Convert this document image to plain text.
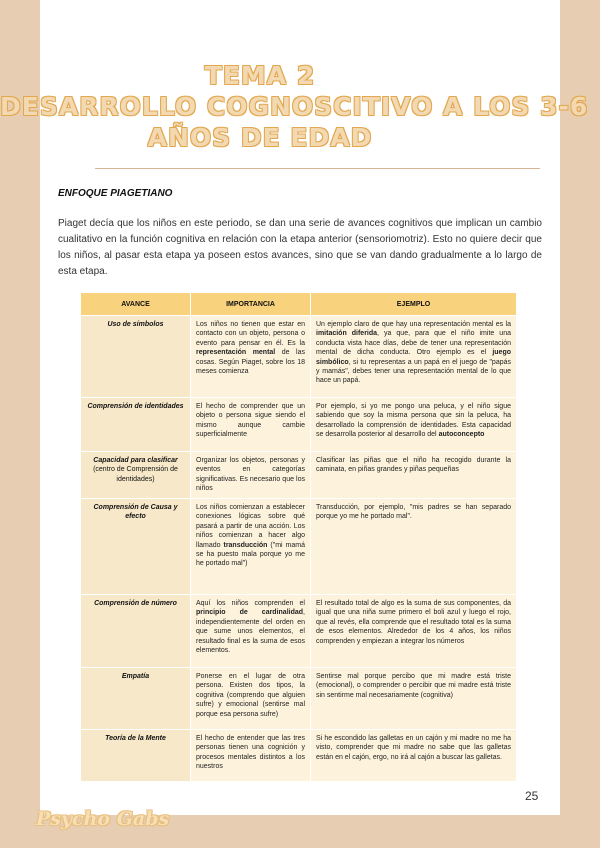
TEMA 2
DESARROLLO COGNOSCITIVO A LOS 3-6
AÑOS DE EDAD
ENFOQUE PIAGETIANO
Piaget decía que los niños en este periodo, se dan una serie de avances cognitivos que implican un cambio cualitativo en la función cognitiva en relación con la etapa anterior (sensoriomotriz). Esto no quiere decir que los niños, al pasar esta etapa ya poseen estos avances, sino que se van dando gradualmente a lo largo de esta etapa.
AVANCE	IMPORTANCIA	EJEMPLO
Uso de símbolos	Los niños no tienen que estar en contacto con un objeto, persona o evento para pensar en él. Es la representación mental de las cosas. Según Piaget, sobre los 18 meses comienza	Un ejemplo claro de que hay una representación mental es la imitación diferida, ya que, para que el niño imite una conducta vista hace días, debe de tener una representación mental de dicha conducta. Otro ejemplo es el juego simbólico, si tu representas a un papá en el juego de "papás y mamás", debes tener una representación mental de lo que hace un papá.
Comprensión de identidades	El hecho de comprender que un objeto o persona sigue siendo el mismo aunque cambie superficialmente	Por ejemplo, si yo me pongo una peluca, y el niño sigue sabiendo que soy la misma persona que sin la peluca, ha desarrollado la comprensión de identidades. Esta capacidad se desarrolla posterior al desarrollo del autoconcepto
Capacidad para clasificar (centro de Comprensión de identidades)	Organizar los objetos, personas y eventos en categorías significativas. Es necesario que los niños	Clasificar las piñas que el niño ha recogido durante la caminata, en piñas grandes y piñas pequeñas
Comprensión de Causa y efecto	Los niños comienzan a establecer conexiones lógicas sobre qué pasará a partir de una acción. Los niños comienzan a hacer algo llamado transducción ("mi mamá se ha puesto mala porque yo me he portado mal")	Transducción, por ejemplo, "mis padres se han separado porque yo me he portado mal".
Comprensión de número	Aquí los niños comprenden el principio de cardinalidad, independientemente del orden en que sume unos elementos, el resultado final es la suma de esos elementos.	El resultado total de algo es la suma de sus componentes, da igual que una niña sume primero el boli azul y luego el rojo, que al revés, ella comprende que el resultado total es la suma de esos elementos. Alrededor de los 4 años, los niños comprenden y empiezan a integrar los números
Empatía	Ponerse en el lugar de otra persona. Existen dos tipos, la cognitiva (comprendo que alguien sufre) y emocional (sentirse mal porque esa persona sufre)	Sentirse mal porque percibo que mi madre está triste (emocional), o comprender o percibir que mi madre está triste sin sentirme mal necesariamente (cognitiva)
Teoría de la Mente	El hecho de entender que las tres personas tienen una cognición y procesos mentales distintos a los nuestros	Si he escondido las galletas en un cajón y mi madre no me ha visto, comprender que mi madre no sabe que las galletas están en el cajón, ergo, no irá al cajón a buscar las galletas.
25
Psycho Gabs
